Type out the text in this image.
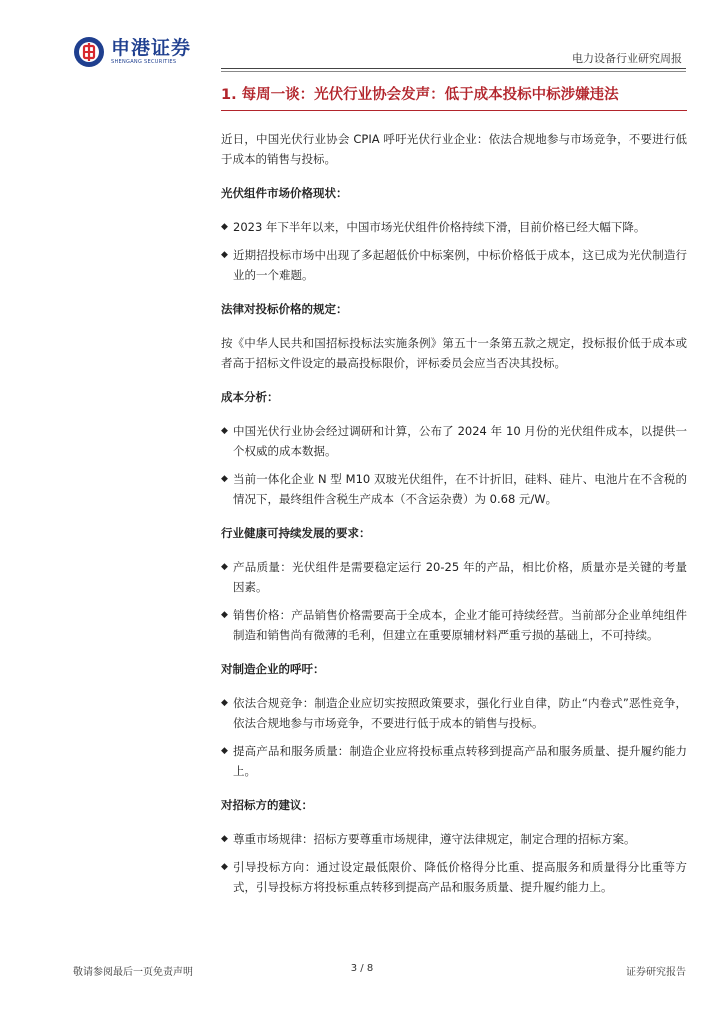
申港证券
SHENGANG SECURITIES	电力设备行业研究周报
1. 每周一谈：光伏行业协会发声：低于成本投标中标涉嫌违法

近日，中国光伏行业协会 CPIA 呼吁光伏行业企业：依法合规地参与市场竞争，不要进行低于成本的销售与投标。

光伏组件市场价格现状：
◆ 2023 年下半年以来，中国市场光伏组件价格持续下滑，目前价格已经大幅下降。
◆ 近期招投标市场中出现了多起超低价中标案例，中标价格低于成本，这已成为光伏制造行业的一个难题。
法律对投标价格的规定：

按《中华人民共和国招标投标法实施条例》第五十一条第五款之规定，投标报价低于成本或者高于招标文件设定的最高投标限价，评标委员会应当否决其投标。

成本分析：
◆ 中国光伏行业协会经过调研和计算，公布了 2024 年 10 月份的光伏组件成本，以提供一个权威的成本数据。
◆ 当前一体化企业 N 型 M10 双玻光伏组件，在不计折旧，硅料、硅片、电池片在不含税的情况下，最终组件含税生产成本（不含运杂费）为 0.68 元/W。
行业健康可持续发展的要求：
◆ 产品质量：光伏组件是需要稳定运行 20-25 年的产品，相比价格，质量亦是关键的考量因素。
◆ 销售价格：产品销售价格需要高于全成本，企业才能可持续经营。当前部分企业单纯组件制造和销售尚有微薄的毛利，但建立在重要原辅材料严重亏损的基础上，不可持续。
对制造企业的呼吁：
◆ 依法合规竞争：制造企业应切实按照政策要求，强化行业自律，防止“内卷式”恶性竞争，依法合规地参与市场竞争，不要进行低于成本的销售与投标。
◆ 提高产品和服务质量：制造企业应将投标重点转移到提高产品和服务质量、提升履约能力上。
对招标方的建议：
◆ 尊重市场规律：招标方要尊重市场规律，遵守法律规定，制定合理的招标方案。
◆ 引导投标方向：通过设定最低限价、降低价格得分比重、提高服务和质量得分比重等方式，引导投标方将投标重点转移到提高产品和服务质量、提升履约能力上。
敬请参阅最后一页免责声明	3 / 8	证券研究报告
